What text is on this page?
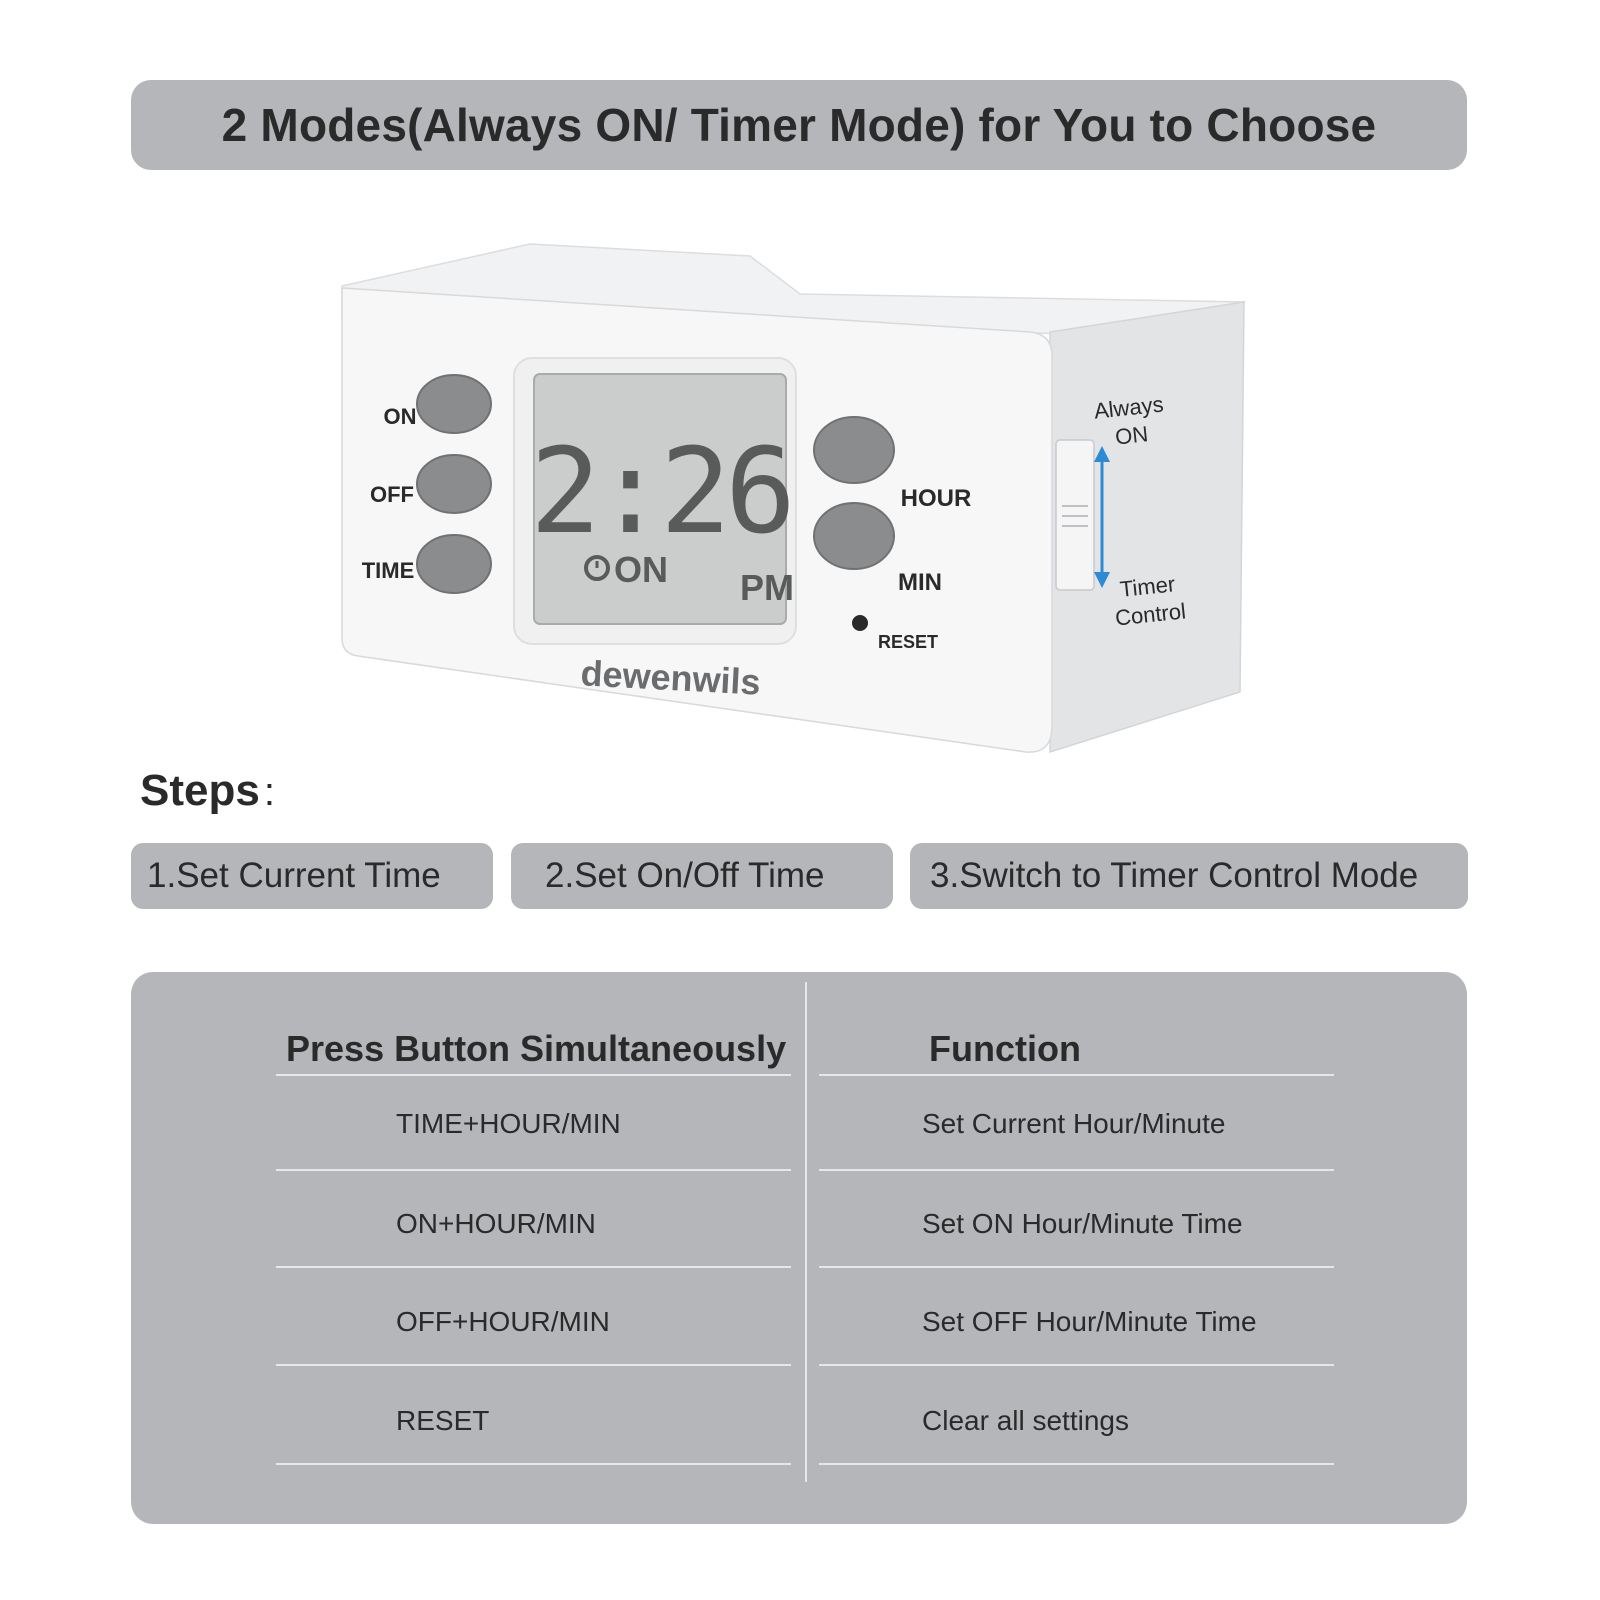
2 Modes(Always ON/ Timer Mode) for You to Choose
2:26
ON PM
ON
OFF
TIME
HOUR
MIN
RESET
dewenwils
Always
ON
Timer
Control
Steps :
1.Set Current Time	2.Set On/Off Time	3.Switch to Timer Control Mode
Press Button Simultaneously	Function
TIME+HOUR/MIN	Set Current Hour/Minute
ON+HOUR/MIN	Set ON Hour/Minute Time
OFF+HOUR/MIN	Set OFF Hour/Minute Time
RESET	Clear all settings
